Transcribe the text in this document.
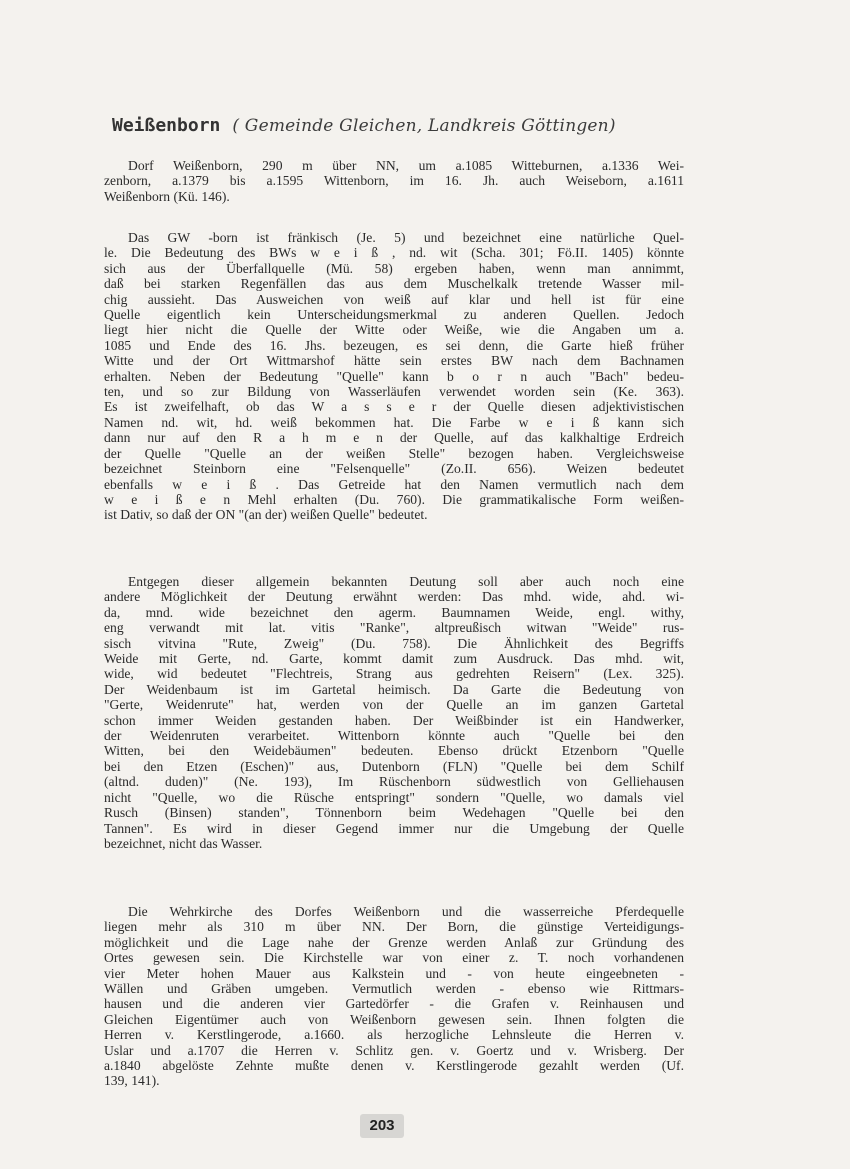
Weißenborn ( Gemeinde Gleichen, Landkreis Göttingen)
Dorf Weißenborn, 290 m über NN, um a.1085 Witteburnen, a.1336 Wei-
zenborn, a.1379 bis a.1595 Wittenborn, im 16. Jh. auch Weiseborn, a.1611
Weißenborn (Kü. 146).
Das GW -born ist fränkisch (Je. 5) und bezeichnet eine natürliche Quel-
le. Die Bedeutung des BWs w e i ß , nd. wit (Scha. 301; Fö.II. 1405) könnte
sich aus der Überfallquelle (Mü. 58) ergeben haben, wenn man annimmt,
daß bei starken Regenfällen das aus dem Muschelkalk tretende Wasser mil-
chig aussieht. Das Ausweichen von weiß auf klar und hell ist für eine
Quelle eigentlich kein Unterscheidungsmerkmal zu anderen Quellen. Jedoch
liegt hier nicht die Quelle der Witte oder Weiße, wie die Angaben um a.
1085 und Ende des 16. Jhs. bezeugen, es sei denn, die Garte hieß früher
Witte und der Ort Wittmarshof hätte sein erstes BW nach dem Bachnamen
erhalten. Neben der Bedeutung "Quelle" kann b o r n auch "Bach" bedeu-
ten, und so zur Bildung von Wasserläufen verwendet worden sein (Ke. 363).
Es ist zweifelhaft, ob das W a s s e r der Quelle diesen adjektivistischen
Namen nd. wit, hd. weiß bekommen hat. Die Farbe w e i ß kann sich
dann nur auf den R a h m e n der Quelle, auf das kalkhaltige Erdreich
der Quelle "Quelle an der weißen Stelle" bezogen haben. Vergleichsweise
bezeichnet Steinborn eine "Felsenquelle" (Zo.II. 656). Weizen bedeutet
ebenfalls w e i ß . Das Getreide hat den Namen vermutlich nach dem
w e i ß e n Mehl erhalten (Du. 760). Die grammatikalische Form weißen-
ist Dativ, so daß der ON "(an der) weißen Quelle" bedeutet.
Entgegen dieser allgemein bekannten Deutung soll aber auch noch eine
andere Möglichkeit der Deutung erwähnt werden: Das mhd. wide, ahd. wi-
da, mnd. wide bezeichnet den agerm. Baumnamen Weide, engl. withy,
eng verwandt mit lat. vitis "Ranke", altpreußisch witwan "Weide" rus-
sisch vitvina "Rute, Zweig" (Du. 758). Die Ähnlichkeit des Begriffs
Weide mit Gerte, nd. Garte, kommt damit zum Ausdruck. Das mhd. wit,
wide, wid bedeutet "Flechtreis, Strang aus gedrehten Reisern" (Lex. 325).
Der Weidenbaum ist im Gartetal heimisch. Da Garte die Bedeutung von
"Gerte, Weidenrute" hat, werden von der Quelle an im ganzen Gartetal
schon immer Weiden gestanden haben. Der Weißbinder ist ein Handwerker,
der Weidenruten verarbeitet. Wittenborn könnte auch "Quelle bei den
Witten, bei den Weidebäumen" bedeuten. Ebenso drückt Etzenborn "Quelle
bei den Etzen (Eschen)" aus, Dutenborn (FLN) "Quelle bei dem Schilf
(altnd. duden)" (Ne. 193), Im Rüschenborn südwestlich von Gelliehausen
nicht "Quelle, wo die Rüsche entspringt" sondern "Quelle, wo damals viel
Rusch (Binsen) standen", Tönnenborn beim Wedehagen "Quelle bei den
Tannen". Es wird in dieser Gegend immer nur die Umgebung der Quelle
bezeichnet, nicht das Wasser.
Die Wehrkirche des Dorfes Weißenborn und die wasserreiche Pferdequelle
liegen mehr als 310 m über NN. Der Born, die günstige Verteidigungs-
möglichkeit und die Lage nahe der Grenze werden Anlaß zur Gründung des
Ortes gewesen sein. Die Kirchstelle war von einer z. T. noch vorhandenen
vier Meter hohen Mauer aus Kalkstein und - von heute eingeebneten -
Wällen und Gräben umgeben. Vermutlich werden - ebenso wie Rittmars-
hausen und die anderen vier Gartedörfer - die Grafen v. Reinhausen und
Gleichen Eigentümer auch von Weißenborn gewesen sein. Ihnen folgten die
Herren v. Kerstlingerode, a.1660. als herzogliche Lehnsleute die Herren v.
Uslar und a.1707 die Herren v. Schlitz gen. v. Goertz und v. Wrisberg. Der
a.1840 abgelöste Zehnte mußte denen v. Kerstlingerode gezahlt werden (Uf.
139, 141).
203
